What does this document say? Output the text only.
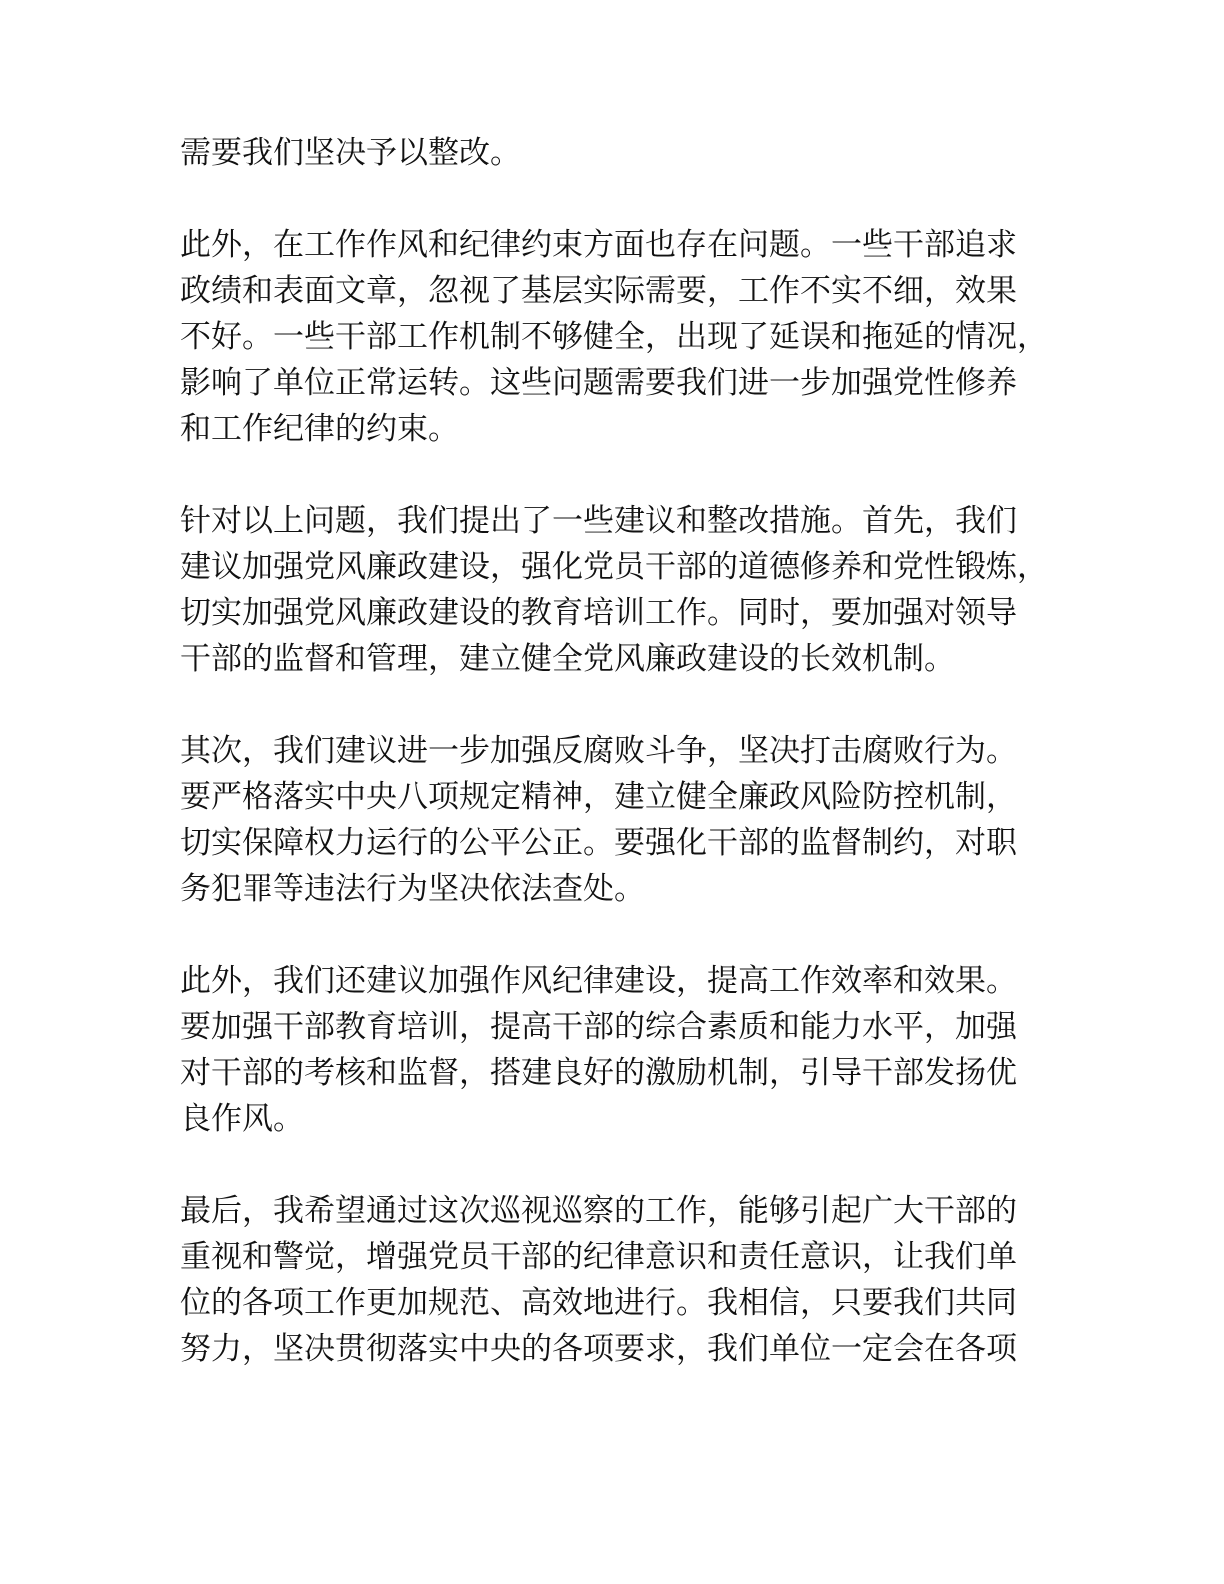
需要我们坚决予以整改。

此外，在工作作风和纪律约束方面也存在问题。一些干部追求
政绩和表面文章，忽视了基层实际需要，工作不实不细，效果
不好。一些干部工作机制不够健全，出现了延误和拖延的情况，
影响了单位正常运转。这些问题需要我们进一步加强党性修养
和工作纪律的约束。

针对以上问题，我们提出了一些建议和整改措施。首先，我们
建议加强党风廉政建设，强化党员干部的道德修养和党性锻炼，
切实加强党风廉政建设的教育培训工作。同时，要加强对领导
干部的监督和管理，建立健全党风廉政建设的长效机制。

其次，我们建议进一步加强反腐败斗争，坚决打击腐败行为。
要严格落实中央八项规定精神，建立健全廉政风险防控机制，
切实保障权力运行的公平公正。要强化干部的监督制约，对职
务犯罪等违法行为坚决依法查处。

此外，我们还建议加强作风纪律建设，提高工作效率和效果。
要加强干部教育培训，提高干部的综合素质和能力水平，加强
对干部的考核和监督，搭建良好的激励机制，引导干部发扬优
良作风。

最后，我希望通过这次巡视巡察的工作，能够引起广大干部的
重视和警觉，增强党员干部的纪律意识和责任意识，让我们单
位的各项工作更加规范、高效地进行。我相信，只要我们共同
努力，坚决贯彻落实中央的各项要求，我们单位一定会在各项
